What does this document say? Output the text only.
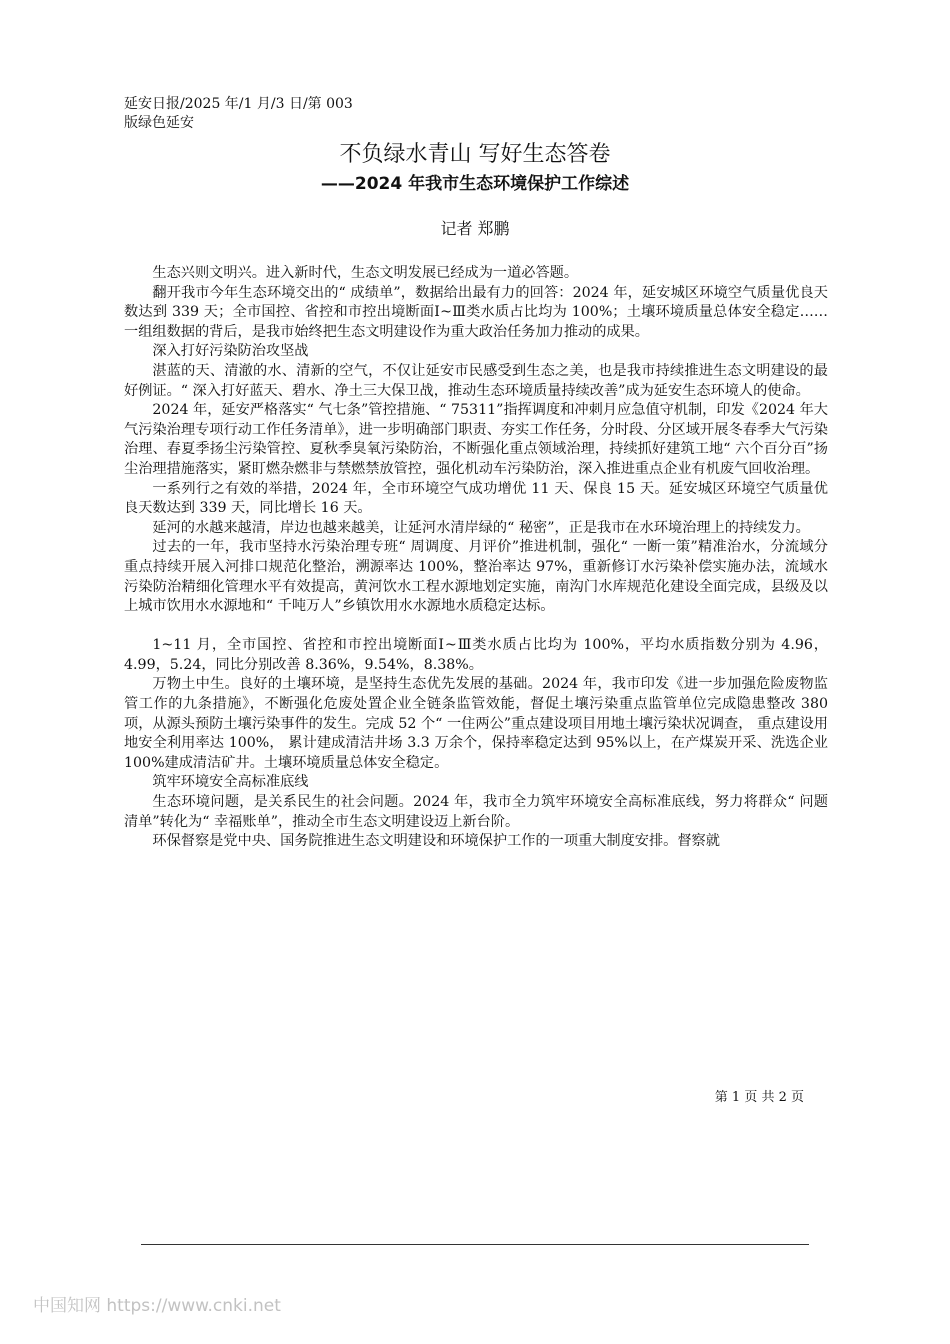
延安日报/2025 年/1 月/3 日/第 003
版绿色延安
不负绿水青山 写好生态答卷
——2024 年我市生态环境保护工作综述
记者 郑鹏

生态兴则文明兴。进入新时代，生态文明发展已经成为一道必答题。

翻开我市今年生态环境交出的“ 成绩单”，数据给出最有力的回答：2024 年，延安城区环境空气质量优良天数达到 339 天；全市国控、省控和市控出境断面Ⅰ~Ⅲ类水质占比均为 100%；土壤环境质量总体安全稳定……一组组数据的背后，是我市始终把生态文明建设作为重大政治任务加力推动的成果。

深入打好污染防治攻坚战

湛蓝的天、清澈的水、清新的空气，不仅让延安市民感受到生态之美，也是我市持续推进生态文明建设的最好例证。“ 深入打好蓝天、碧水、净土三大保卫战，推动生态环境质量持续改善”成为延安生态环境人的使命。

2024 年，延安严格落实“ 气七条”管控措施、“ 75311”指挥调度和冲刺月应急值守机制，印发《2024 年大气污染治理专项行动工作任务清单》，进一步明确部门职责、夯实工作任务，分时段、分区域开展冬春季大气污染治理、春夏季扬尘污染管控、夏秋季臭氧污染防治，不断强化重点领域治理，持续抓好建筑工地“ 六个百分百”扬尘治理措施落实，紧盯燃杂燃非与禁燃禁放管控，强化机动车污染防治，深入推进重点企业有机废气回收治理。

一系列行之有效的举措，2024 年，全市环境空气成功增优 11 天、保良 15 天。延安城区环境空气质量优良天数达到 339 天，同比增长 16 天。

延河的水越来越清，岸边也越来越美，让延河水清岸绿的“ 秘密”，正是我市在水环境治理上的持续发力。

过去的一年，我市坚持水污染治理专班“ 周调度、月评价”推进机制，强化“ 一断一策”精准治水，分流域分重点持续开展入河排口规范化整治，溯源率达 100%，整治率达 97%，重新修订水污染补偿实施办法，流域水污染防治精细化管理水平有效提高，黄河饮水工程水源地划定实施，南沟门水库规范化建设全面完成，县级及以上城市饮用水水源地和“ 千吨万人”乡镇饮用水水源地水质稳定达标。

1~11 月，全市国控、省控和市控出境断面Ⅰ~Ⅲ类水质占比均为 100%，平均水质指数分别为 4.96，4.99，5.24，同比分别改善 8.36%，9.54%，8.38%。

万物土中生。良好的土壤环境，是坚持生态优先发展的基础。2024 年，我市印发《进一步加强危险废物监管工作的九条措施》，不断强化危废处置企业全链条监管效能，督促土壤污染重点监管单位完成隐患整改 380 项，从源头预防土壤污染事件的发生。完成 52 个“ 一住两公”重点建设项目用地土壤污染状况调查， 重点建设用地安全利用率达 100%， 累计建成清洁井场 3.3 万余个，保持率稳定达到 95%以上，在产煤炭开采、洗选企业 100%建成清洁矿井。土壤环境质量总体安全稳定。

筑牢环境安全高标准底线

生态环境问题，是关系民生的社会问题。2024 年，我市全力筑牢环境安全高标准底线，努力将群众“ 问题清单”转化为“ 幸福账单”，推动全市生态文明建设迈上新台阶。

环保督察是党中央、国务院推进生态文明建设和环境保护工作的一项重大制度安排。督察就

第 1 页 共 2 页
中国知网 https://www.cnki.net
